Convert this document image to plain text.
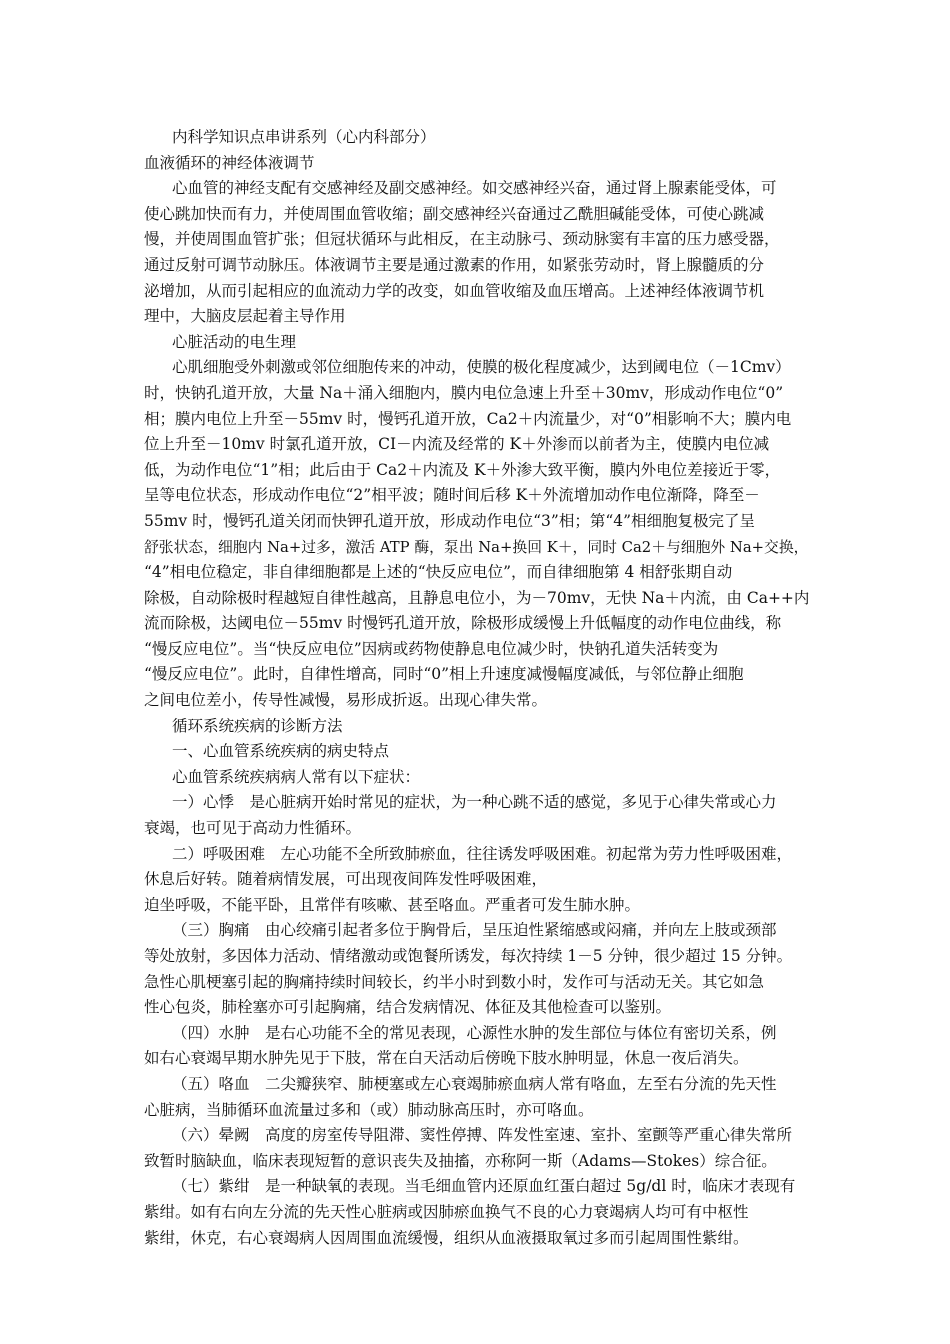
内科学知识点串讲系列（心内科部分）
血液循环的神经体液调节
心血管的神经支配有交感神经及副交感神经。如交感神经兴奋，通过肾上腺素能受体，可
使心跳加快而有力，并使周围血管收缩；副交感神经兴奋通过乙酰胆碱能受体，可使心跳减
慢，并使周围血管扩张；但冠状循环与此相反，在主动脉弓、颈动脉窦有丰富的压力感受器，
通过反射可调节动脉压。体液调节主要是通过激素的作用，如紧张劳动时，肾上腺髓质的分
泌增加，从而引起相应的血流动力学的改变，如血管收缩及血压增高。上述神经体液调节机
理中，大脑皮层起着主导作用
心脏活动的电生理
心肌细胞受外刺激或邻位细胞传来的冲动，使膜的极化程度减少，达到阈电位（－1Cmv）
时，快钠孔道开放，大量 Na＋涌入细胞内，膜内电位急速上升至＋30mv，形成动作电位“0”
相；膜内电位上升至－55mv 时，慢钙孔道开放，Ca2＋内流量少，对“0”相影响不大；膜内电
位上升至－10mv 时氯孔道开放，CI－内流及经常的 K＋外渗而以前者为主，使膜内电位减
低，为动作电位“1”相；此后由于 Ca2＋内流及 K＋外渗大致平衡，膜内外电位差接近于零，
呈等电位状态，形成动作电位“2”相平波；随时间后移 K＋外流增加动作电位渐降，降至－
55mv 时，慢钙孔道关闭而快钾孔道开放，形成动作电位“3”相；第“4”相细胞复极完了呈
舒张状态，细胞内 Na+过多，激活 ATP 酶，泵出 Na+换回 K＋，同时 Ca2＋与细胞外 Na+交换，
“4”相电位稳定，非自律细胞都是上述的“快反应电位”，而自律细胞第 4 相舒张期自动
除极，自动除极时程越短自律性越高，且静息电位小，为－70mv，无快 Na＋内流，由 Ca++内
流而除极，达阈电位－55mv 时慢钙孔道开放，除极形成缓慢上升低幅度的动作电位曲线，称
“慢反应电位”。当“快反应电位”因病或药物使静息电位减少时，快钠孔道失活转变为
“慢反应电位”。此时，自律性增高，同时“0”相上升速度减慢幅度减低，与邻位静止细胞
之间电位差小，传导性减慢，易形成折返。出现心律失常。
循环系统疾病的诊断方法
一、心血管系统疾病的病史特点
心血管系统疾病病人常有以下症状：
一）心悸　是心脏病开始时常见的症状，为一种心跳不适的感觉，多见于心律失常或心力
衰竭，也可见于高动力性循环。
二）呼吸困难　左心功能不全所致肺瘀血，往往诱发呼吸困难。初起常为劳力性呼吸困难，
休息后好转。随着病情发展，可出现夜间阵发性呼吸困难，
迫坐呼吸，不能平卧，且常伴有咳嗽、甚至咯血。严重者可发生肺水肿。
（三）胸痛　由心绞痛引起者多位于胸骨后，呈压迫性紧缩感或闷痛，并向左上肢或颈部
等处放射，多因体力活动、情绪激动或饱餐所诱发，每次持续 1－5 分钟，很少超过 15 分钟。
急性心肌梗塞引起的胸痛持续时间较长，约半小时到数小时，发作可与活动无关。其它如急
性心包炎，肺栓塞亦可引起胸痛，结合发病情况、体征及其他检查可以鉴别。
（四）水肿　是右心功能不全的常见表现，心源性水肿的发生部位与体位有密切关系，例
如右心衰竭早期水肿先见于下肢，常在白天活动后傍晚下肢水肿明显，休息一夜后消失。
（五）咯血　二尖瓣狭窄、肺梗塞或左心衰竭肺瘀血病人常有咯血，左至右分流的先天性
心脏病，当肺循环血流量过多和（或）肺动脉高压时，亦可咯血。
（六）晕阙　高度的房室传导阻滞、窦性停搏、阵发性室速、室扑、室颤等严重心律失常所
致暂时脑缺血，临床表现短暂的意识丧失及抽搐，亦称阿一斯（Adams—Stokes）综合征。
（七）紫绀　是一种缺氧的表现。当毛细血管内还原血红蛋白超过 5g/dl 时，临床才表现有
紫绀。如有右向左分流的先天性心脏病或因肺瘀血换气不良的心力衰竭病人均可有中枢性
紫绀，休克，右心衰竭病人因周围血流缓慢，组织从血液摄取氧过多而引起周围性紫绀。
